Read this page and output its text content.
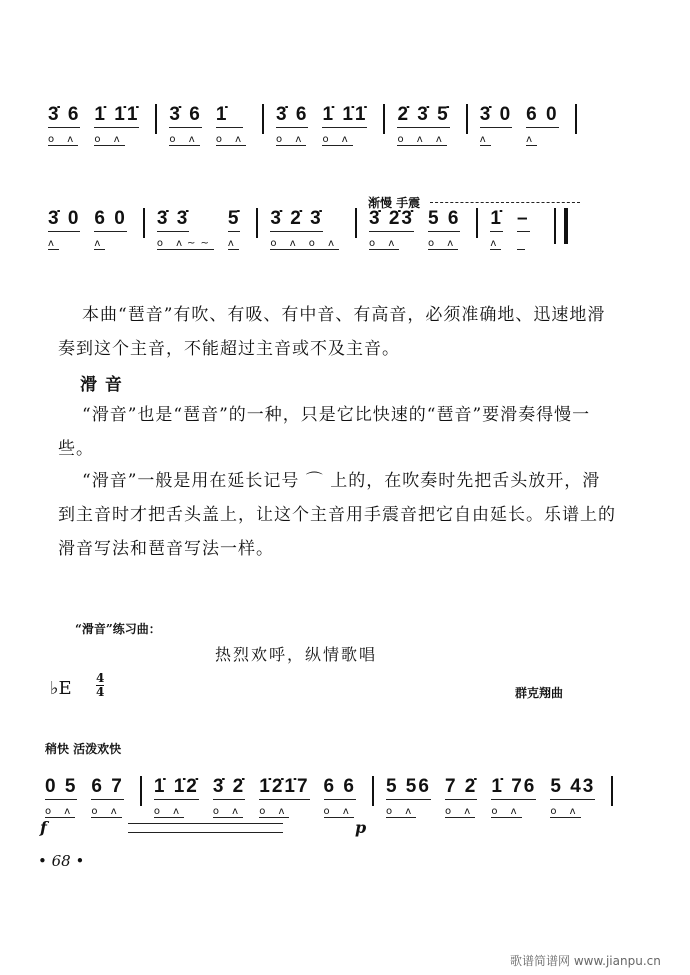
3̇ 6
o ʌ
1̇ 1̇1̇
o ʌ
3̇ 6
o ʌ
1̇
o ʌ
3̇ 6
o ʌ
1̇ 1̇1̇
o ʌ
2̇ 3̇ 5̇
o ʌ ʌ
3̇ 0
ʌ
6 0
ʌ
渐慢 手震
3̇ 0
ʌ
6 0
ʌ
3̇ 3̇
o ʌ~~
5̇
ʌ
3̇ 2̇ 3̇
o ʌ o ʌ
3̇ 2̇3̇
o ʌ
5 6
o ʌ
1̇
ʌ
–

本曲“琶音”有吹、有吸、有中音、有高音，必须准确地、迅速地滑奏到这个主音，不能超过主音或不及主音。
滑 音
“滑音”也是“琶音”的一种，只是它比快速的“琶音”要滑奏得慢一些。
“滑音”一般是用在延长记号 ⌒ 上的，在吹奏时先把舌头放开，滑到主音时才把舌头盖上，让这个主音用手震音把它自由延长。乐谱上的滑音写法和琶音写法一样。
“滑音”练习曲：
热烈欢呼，纵情歌唱
♭E 4
4	群克翔曲
稍快 活泼欢快
0 5
o ʌ
6 7
o ʌ
1̇ 1̇2̇
o ʌ
3̇ 2̇
o ʌ
1̇2̇1̇7
o ʌ
6 6
o ʌ
5 56
o ʌ
7 2̇
o ʌ
1̇ 76
o ʌ
5 43
o ʌ
f	p
• 68 •
歌谱简谱网 www.jianpu.cn
